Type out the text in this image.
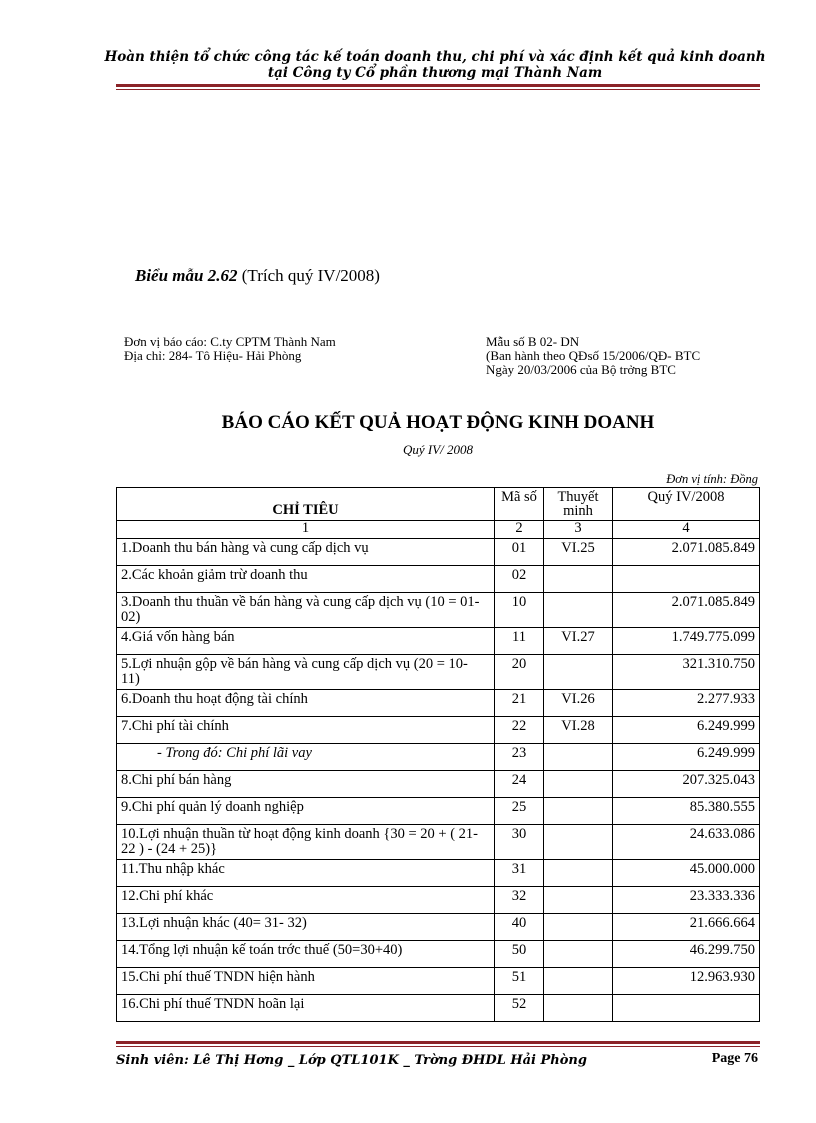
Hoàn thiện tổ chức công tác kế toán doanh thu, chi phí và xác định kết quả kinh doanh
tại Công ty Cổ phần thương mại Thành Nam
Biểu mẫu 2.62 (Trích quý IV/2008)
Đơn vị báo cáo: C.ty CPTM Thành Nam
Địa chỉ: 284- Tô Hiệu- Hải Phòng
Mẫu số B 02- DN
(Ban hành theo QĐsố 15/2006/QĐ- BTC
Ngày 20/03/2006 của Bộ trởng BTC
BÁO CÁO KẾT QUẢ HOẠT ĐỘNG KINH DOANH
Quý IV/ 2008
Đơn vị tính: Đồng
CHỈ TIÊU	Mã số	Thuyết minh	Quý IV/2008
1	2	3	4
1.Doanh thu bán hàng và cung cấp dịch vụ	01	VI.25	2.071.085.849
2.Các khoản giảm trừ doanh thu	02		
3.Doanh thu thuần về bán hàng và cung cấp dịch vụ (10 = 01- 02)	10		2.071.085.849
4.Giá vốn hàng bán	11	VI.27	1.749.775.099
5.Lợi nhuận gộp về bán hàng và cung cấp dịch vụ (20 = 10- 11)	20		321.310.750
6.Doanh thu hoạt động tài chính	21	VI.26	2.277.933
7.Chi phí tài chính	22	VI.28	6.249.999
- Trong đó: Chi phí lãi vay	23		6.249.999
8.Chi phí bán hàng	24		207.325.043
9.Chi phí quản lý doanh nghiệp	25		85.380.555
10.Lợi nhuận thuần từ hoạt động kinh doanh {30 = 20 + ( 21- 22 ) - (24 + 25)}	30		24.633.086
11.Thu nhập khác	31		45.000.000
12.Chi phí khác	32		23.333.336
13.Lợi nhuận khác (40= 31- 32)	40		21.666.664
14.Tổng lợi nhuận kế toán trớc thuế (50=30+40)	50		46.299.750
15.Chi phí thuế TNDN hiện hành	51		12.963.930
16.Chi phí thuế TNDN hoãn lại	52		
Sinh viên: Lê Thị Hơng _ Lớp QTL101K _ Trờng ĐHDL Hải Phòng	Page 76
